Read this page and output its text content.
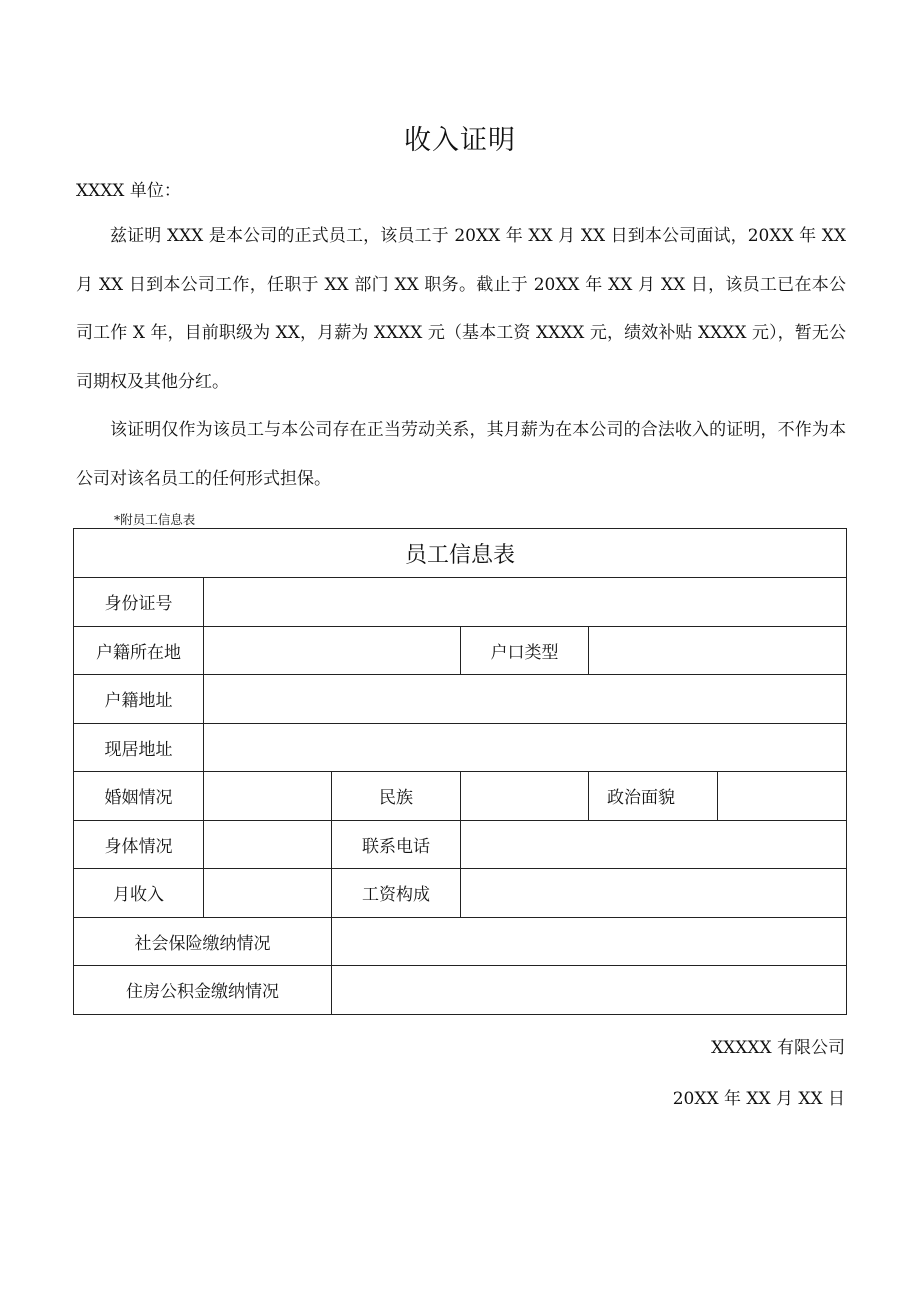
收入证明
XXXX 单位：

兹证明 XXX 是本公司的正式员工，该员工于 20XX 年 XX 月 XX 日到本公司面试，20XX 年 XX 月 XX 日到本公司工作，任职于 XX 部门 XX 职务。截止于 20XX 年 XX 月 XX 日，该员工已在本公司工作 X 年，目前职级为 XX，月薪为 XXXX 元（基本工资 XXXX 元，绩效补贴 XXXX 元），暂无公司期权及其他分红。

该证明仅作为该员工与本公司存在正当劳动关系，其月薪为在本公司的合法收入的证明，不作为本公司对该名员工的任何形式担保。

*附员工信息表
员工信息表					
身份证号					
户籍所在地			户口类型		
户籍地址					
现居地址					
婚姻情况		民族		政治面貌	
身体情况		联系电话			
月收入		工资构成			
社会保险缴纳情况					
住房公积金缴纳情况					
XXXXX 有限公司
20XX 年 XX 月 XX 日
